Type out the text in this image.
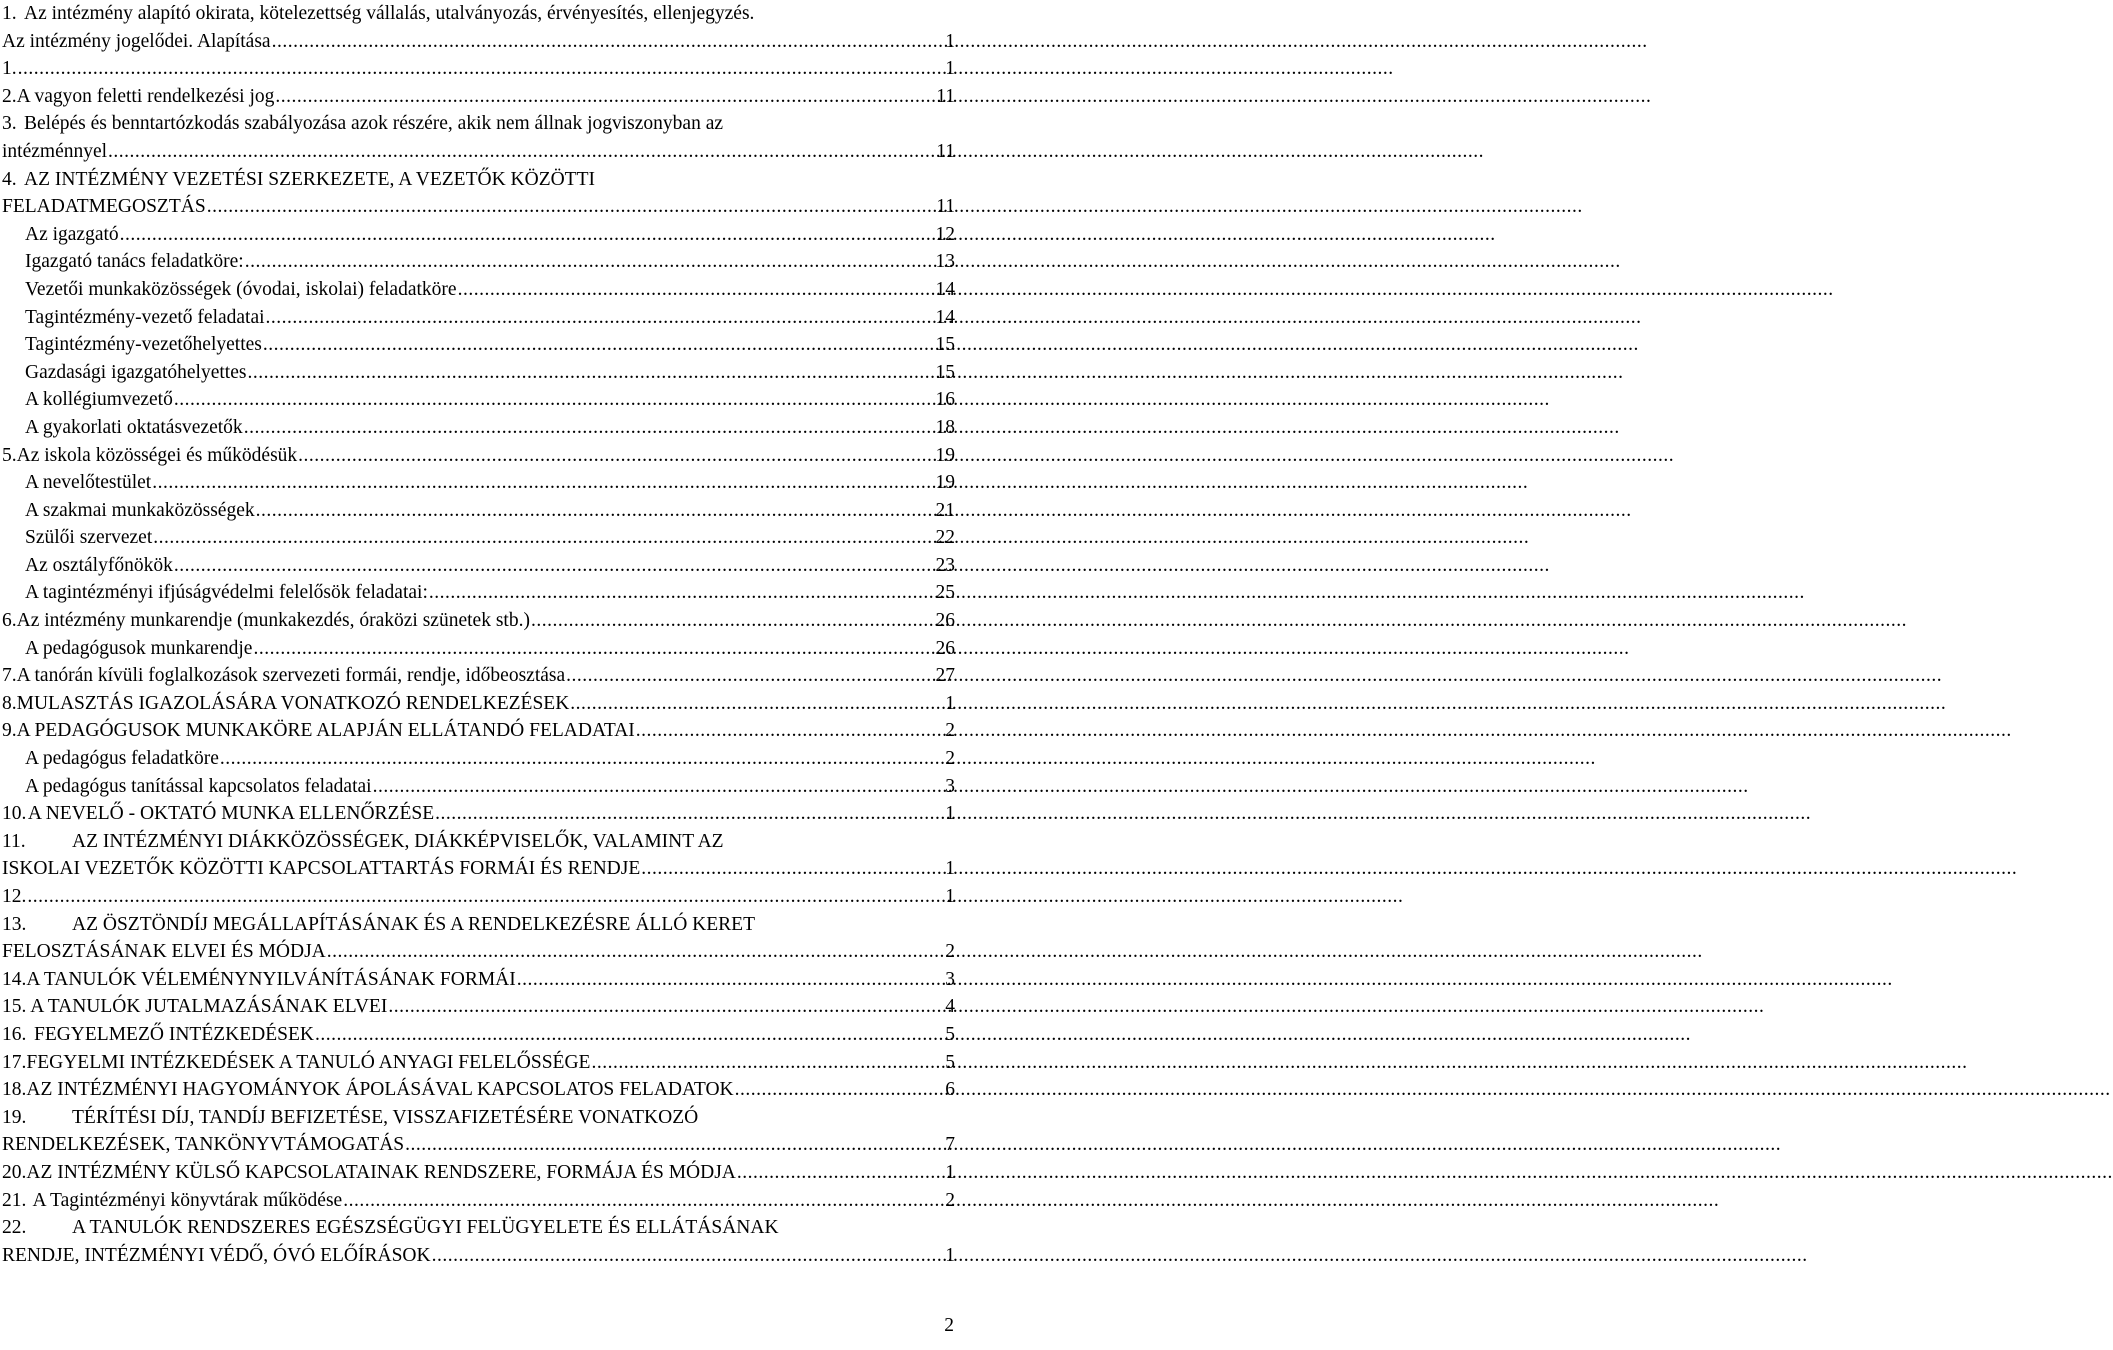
1. Az intézmény alapító okirata, kötelezettség vállalás, utalványozás, érvényesítés, ellenjegyzés.
Az intézmény jogelődei. Alapítása .....	1
1. .....	1
2. A vagyon feletti rendelkezési jog .....	11
3. Belépés és benntartózkodás szabályozása azok részére, akik nem állnak jogviszonyban az
intézménnyel .....	11
4. AZ INTÉZMÉNY VEZETÉSI SZERKEZETE, A VEZETŐK KÖZÖTTI
FELADATMEGOSZTÁS .....	11
Az igazgató .....	12
Igazgató tanács feladatköre: .....	13
Vezetői munkaközösségek (óvodai, iskolai) feladatköre .....	14
Tagintézmény-vezető feladatai .....	14
Tagintézmény-vezetőhelyettes .....	15
Gazdasági igazgatóhelyettes .....	15
A kollégiumvezető .....	16
A gyakorlati oktatásvezetők .....	18
5. Az iskola közösségei és működésük .....	19
A nevelőtestület .....	19
A szakmai munkaközösségek .....	21
Szülői szervezet .....	22
Az osztályfőnökök .....	23
A tagintézményi ifjúságvédelmi felelősök feladatai: .....	25
6. Az intézmény munkarendje (munkakezdés, óraközi szünetek stb.) .....	26
A pedagógusok munkarendje .....	26
7. A tanórán kívüli foglalkozások szervezeti formái, rendje, időbeosztása .....	27
8. MULASZTÁS IGAZOLÁSÁRA VONATKOZÓ RENDELKEZÉSEK .....	1
9. A PEDAGÓGUSOK MUNKAKÖRE ALAPJÁN ELLÁTANDÓ FELADATAI .....	2
A pedagógus feladatköre .....	2
A pedagógus tanítással kapcsolatos feladatai .....	3
10. A NEVELŐ - OKTATÓ MUNKA ELLENŐRZÉSE .....	1
11. AZ INTÉZMÉNYI DIÁKKÖZÖSSÉGEK, DIÁKKÉPVISELŐK, VALAMINT AZ
ISKOLAI VEZETŐK KÖZÖTTI KAPCSOLATTARTÁS FORMÁI ÉS RENDJE .....	1
12. .....	1
13. AZ ÖSZTÖNDÍJ MEGÁLLAPÍTÁSÁNAK ÉS A RENDELKEZÉSRE ÁLLÓ KERET
FELOSZTÁSÁNAK ELVEI ÉS MÓDJA .....	2
14. A TANULÓK VÉLEMÉNYNYILVÁNÍTÁSÁNAK FORMÁI .....	3
15. A TANULÓK JUTALMAZÁSÁNAK ELVEI .....	4
16. FEGYELMEZŐ INTÉZKEDÉSEK .....	5
17. FEGYELMI INTÉZKEDÉSEK A TANULÓ ANYAGI FELELŐSSÉGE .....	5
18. AZ INTÉZMÉNYI HAGYOMÁNYOK ÁPOLÁSÁVAL KAPCSOLATOS FELADATOK .....	6
19. TÉRÍTÉSI DÍJ, TANDÍJ BEFIZETÉSE, VISSZAFIZETÉSÉRE VONATKOZÓ
RENDELKEZÉSEK, TANKÖNYVTÁMOGATÁS .....	7
20. AZ INTÉZMÉNY KÜLSŐ KAPCSOLATAINAK RENDSZERE, FORMÁJA ÉS MÓDJA .....	1
21. A Tagintézményi könyvtárak működése .....	2
22. A TANULÓK RENDSZERES EGÉSZSÉGÜGYI FELÜGYELETE ÉS ELLÁTÁSÁNAK
RENDJE, INTÉZMÉNYI VÉDŐ, ÓVÓ ELŐÍRÁSOK .....	1
2
